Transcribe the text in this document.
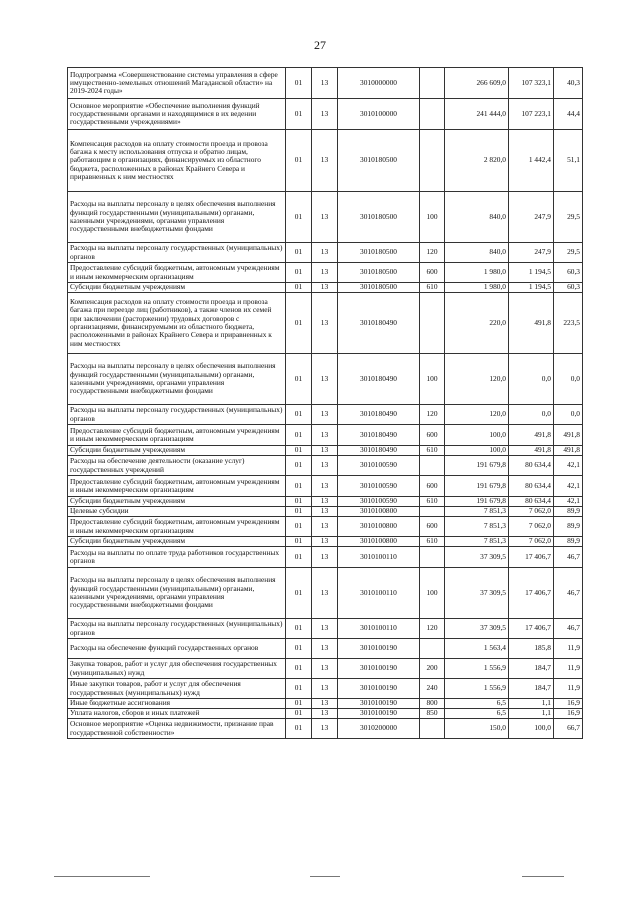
27
Подпрограмма «Совершенствование системы управления в сфере имущественно-земельных отношений Магаданской области» на 2019-2024 годы»	01	13	3010000000		266 609,0	107 323,1	40,3
Основное мероприятие «Обеспечение выполнения функций государственными органами и находящимися в их ведении государственными учреждениями»	01	13	3010100000		241 444,0	107 223,1	44,4
Компенсация расходов на оплату стоимости проезда и провоза багажа к месту использования отпуска и обратно лицам, работающим в организациях, финансируемых из областного бюджета, расположенных в районах Крайнего Севера и приравненных к ним местностях	01	13	3010180500		2 820,0	1 442,4	51,1
Расходы на выплаты персоналу в целях обеспечения выполнения функций государственными (муниципальными) органами, казенными учреждениями, органами управления государственными внебюджетными фондами	01	13	3010180500	100	840,0	247,9	29,5
Расходы на выплаты персоналу государственных (муниципальных) органов	01	13	3010180500	120	840,0	247,9	29,5
Предоставление субсидий бюджетным, автономным учреждениям и иным некоммерческим организациям	01	13	3010180500	600	1 980,0	1 194,5	60,3
Субсидии бюджетным учреждениям	01	13	3010180500	610	1 980,0	1 194,5	60,3
Компенсация расходов на оплату стоимости проезда и провоза багажа при переезде лиц (работников), а также членов их семей при заключении (расторжении) трудовых договоров с организациями, финансируемыми из областного бюджета, расположенными в районах Крайнего Севера и приравненных к ним местностях	01	13	3010180490		220,0	491,8	223,5
Расходы на выплаты персоналу в целях обеспечения выполнения функций государственными (муниципальными) органами, казенными учреждениями, органами управления государственными внебюджетными фондами	01	13	3010180490	100	120,0	0,0	0,0
Расходы на выплаты персоналу государственных (муниципальных) органов	01	13	3010180490	120	120,0	0,0	0,0
Предоставление субсидий бюджетным, автономным учреждениям и иным некоммерческим организациям	01	13	3010180490	600	100,0	491,8	491,8
Субсидии бюджетным учреждениям	01	13	3010180490	610	100,0	491,8	491,8
Расходы на обеспечение деятельности (оказание услуг) государственных учреждений	01	13	3010100590		191 679,8	80 634,4	42,1
Предоставление субсидий бюджетным, автономным учреждениям и иным некоммерческим организациям	01	13	3010100590	600	191 679,8	80 634,4	42,1
Субсидии бюджетным учреждениям	01	13	3010100590	610	191 679,8	80 634,4	42,1
Целевые субсидии	01	13	3010100800		7 851,3	7 062,0	89,9
Предоставление субсидий бюджетным, автономным учреждениям и иным некоммерческим организациям	01	13	3010100800	600	7 851,3	7 062,0	89,9
Субсидии бюджетным учреждениям	01	13	3010100800	610	7 851,3	7 062,0	89,9
Расходы на выплаты по оплате труда работников государственных органов	01	13	3010100110		37 309,5	17 406,7	46,7
Расходы на выплаты персоналу в целях обеспечения выполнения функций государственными (муниципальными) органами, казенными учреждениями, органами управления государственными внебюджетными фондами	01	13	3010100110	100	37 309,5	17 406,7	46,7
Расходы на выплаты персоналу государственных (муниципальных) органов	01	13	3010100110	120	37 309,5	17 406,7	46,7
Расходы на обеспечение функций государственных органов	01	13	3010100190		1 563,4	185,8	11,9
Закупка товаров, работ и услуг для обеспечения государственных (муниципальных) нужд	01	13	3010100190	200	1 556,9	184,7	11,9
Иные закупки товаров, работ и услуг для обеспечения государственных (муниципальных) нужд	01	13	3010100190	240	1 556,9	184,7	11,9
Иные бюджетные ассигнования	01	13	3010100190	800	6,5	1,1	16,9
Уплата налогов, сборов и иных платежей	01	13	3010100190	850	6,5	1,1	16,9
Основное мероприятие «Оценка недвижимости, признание прав государственной собственности»	01	13	3010200000		150,0	100,0	66,7
